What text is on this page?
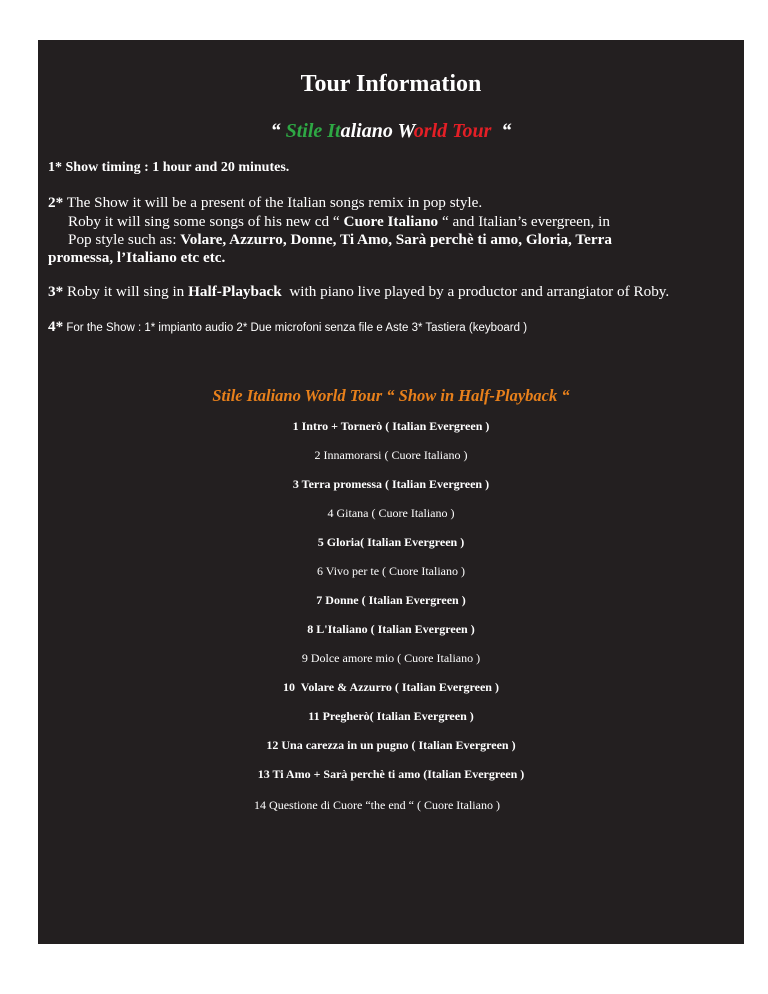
Tour Information
“ Stile Italiano World Tour  “
1* Show timing : 1 hour and 20 minutes.
2* The Show it will be a present of the Italian songs remix in pop style.
Roby it will sing some songs of his new cd “ Cuore Italiano “ and Italian’s evergreen, in
Pop style such as: Volare, Azzurro, Donne, Ti Amo, Sarà perchè ti amo, Gloria, Terra
promessa, l’Italiano etc etc.
3* Roby it will sing in Half-Playback  with piano live played by a productor and arrangiator of Roby.
4* For the Show : 1* impianto audio 2* Due microfoni senza file e Aste 3* Tastiera (keyboard )
Stile Italiano World Tour “ Show in Half-Playback “
1 Intro + Tornerò ( Italian Evergreen )
2 Innamorarsi ( Cuore Italiano )
3 Terra promessa ( Italian Evergreen )
4 Gitana ( Cuore Italiano )
5 Gloria( Italian Evergreen )
6 Vivo per te ( Cuore Italiano )
7 Donne ( Italian Evergreen )
8 L'Italiano ( Italian Evergreen )
9 Dolce amore mio ( Cuore Italiano )
10  Volare & Azzurro ( Italian Evergreen )
11 Pregherò( Italian Evergreen )
12 Una carezza in un pugno ( Italian Evergreen )
13 Ti Amo + Sarà perchè ti amo (Italian Evergreen )
14 Questione di Cuore “the end “ ( Cuore Italiano )
